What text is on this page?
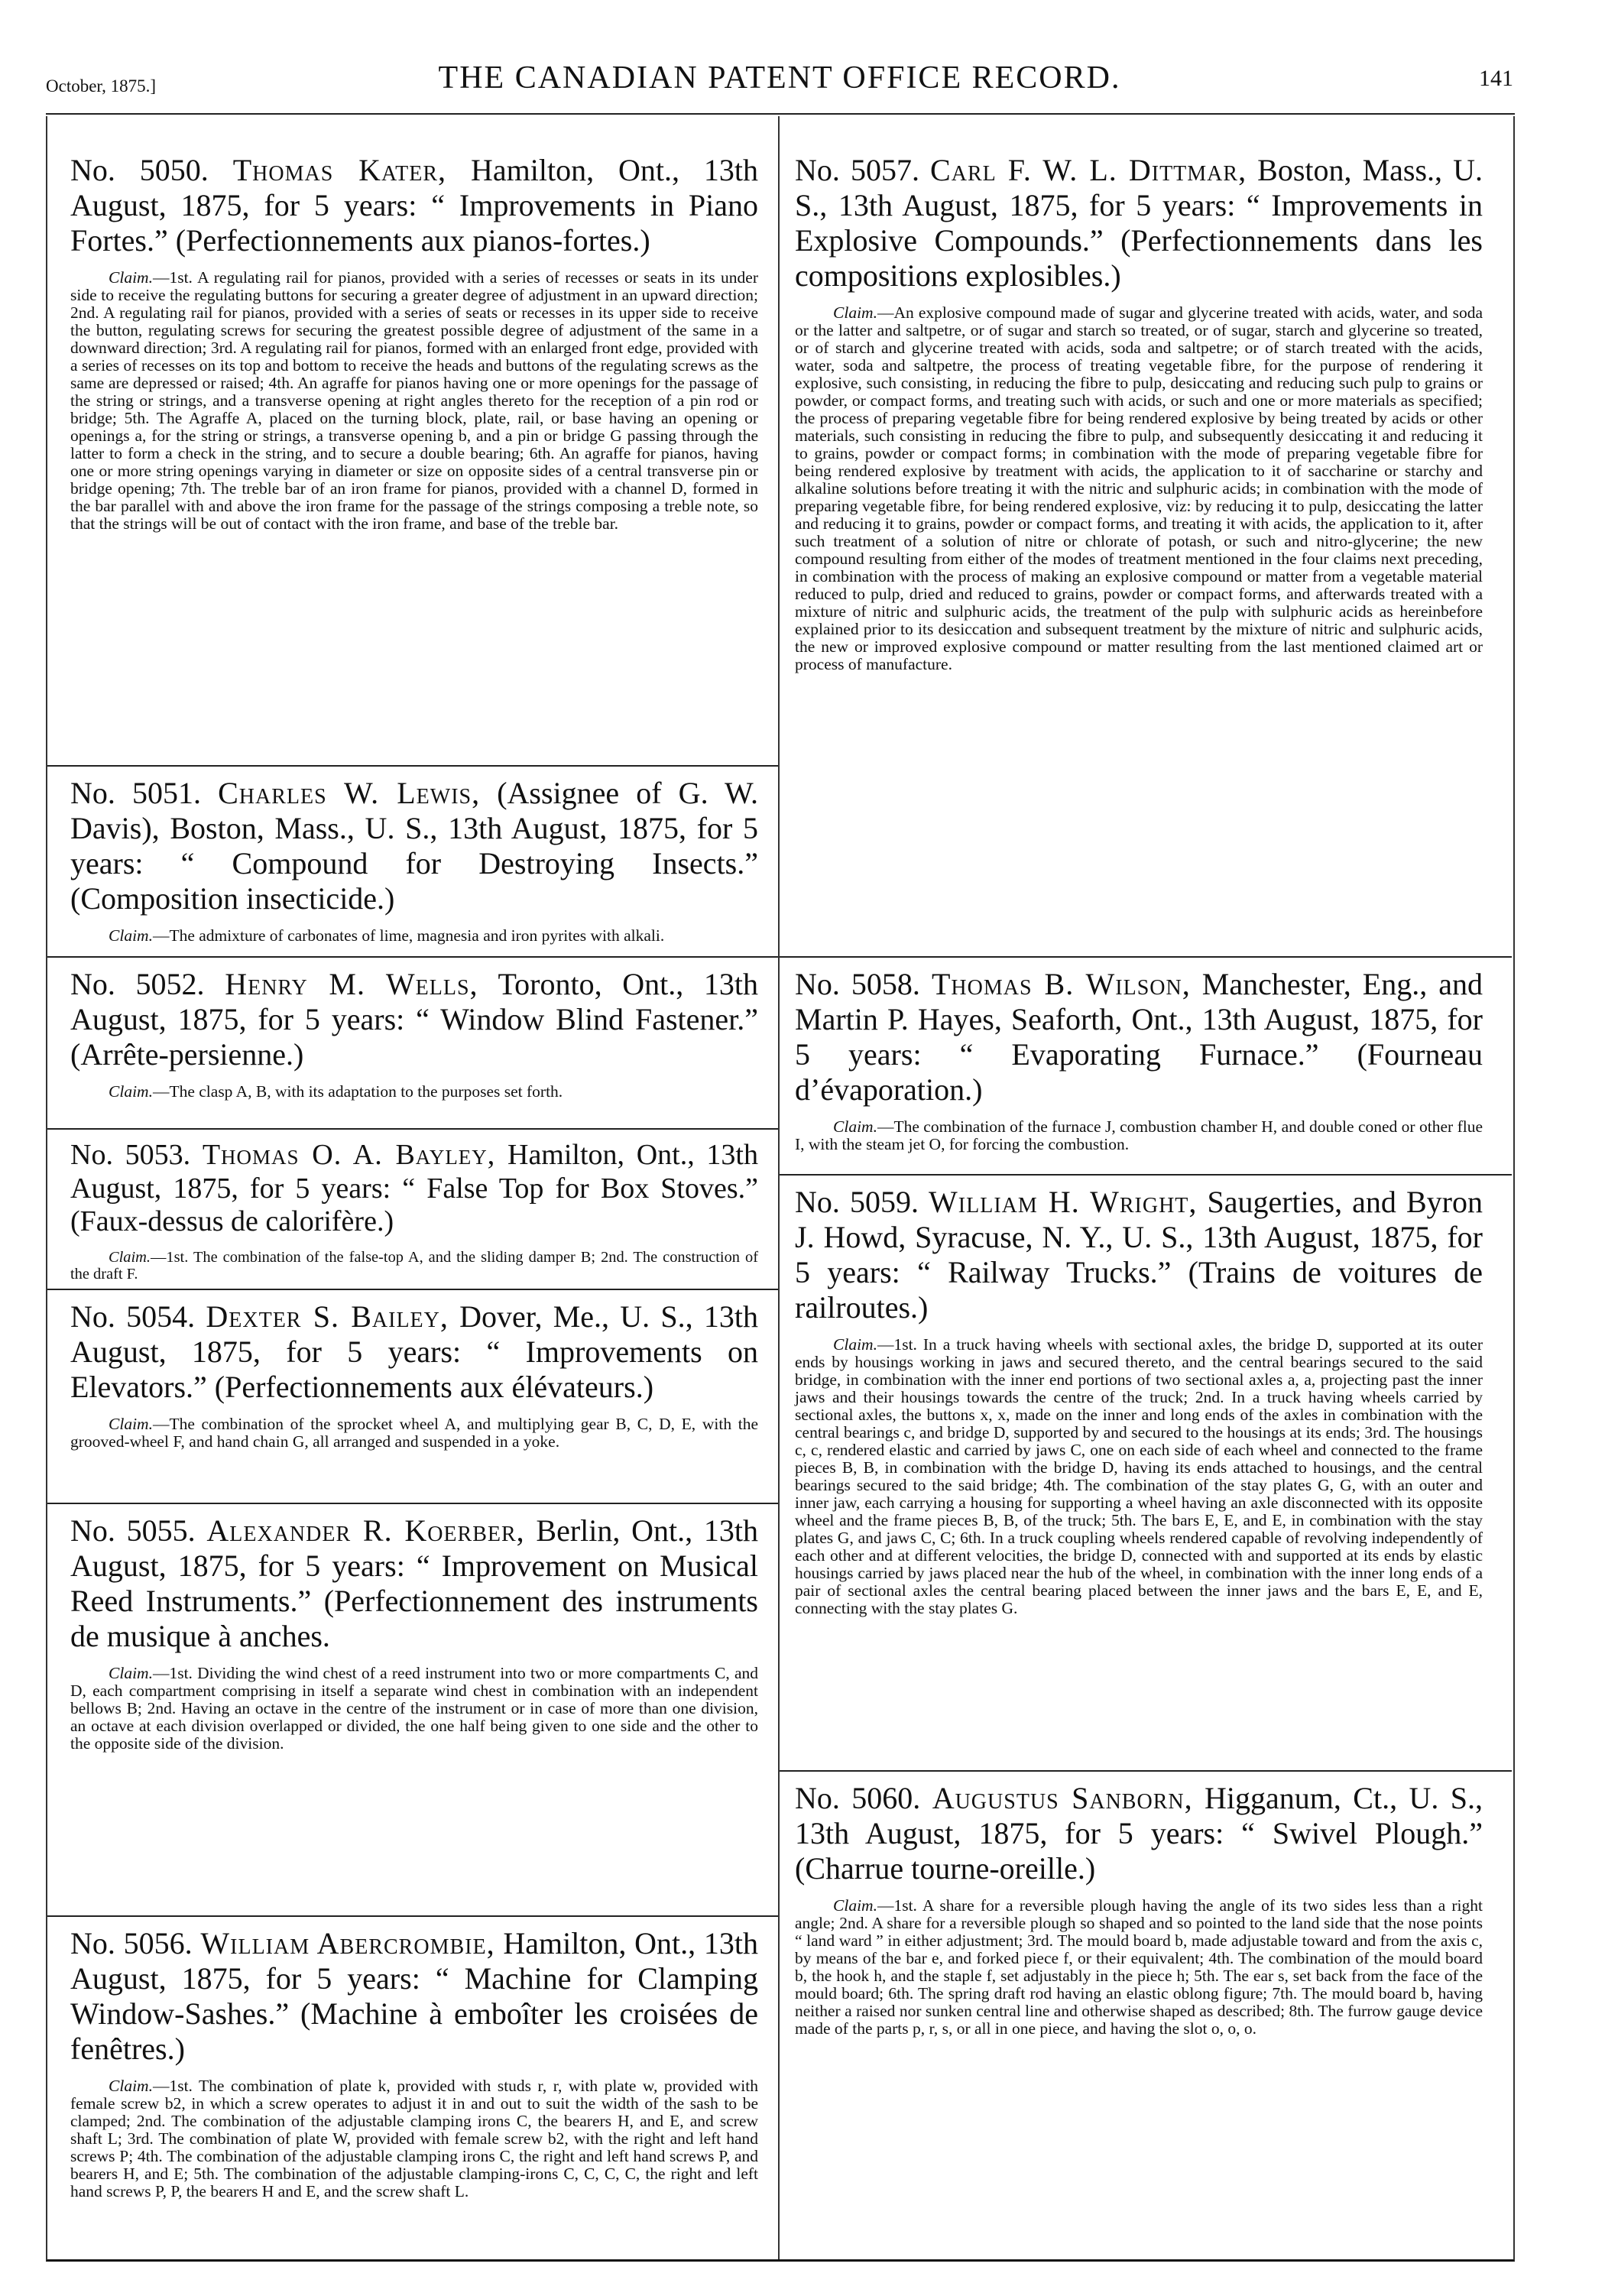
October, 1875.]	THE CANADIAN PATENT OFFICE RECORD.	141

No. 5050. Thomas Kater, Hamilton, Ont., 13th August, 1875, for 5 years: “ Improvements in Piano Fortes.” (Perfectionnements aux pianos-fortes.)

Claim.—1st. A regulating rail for pianos, provided with a series of recesses or seats in its under side to receive the regulating buttons for securing a greater degree of adjustment in an upward direction; 2nd. A regulating rail for pianos, provided with a series of seats or recesses in its upper side to receive the button, regulating screws for securing the greatest possible degree of adjustment of the same in a downward direction; 3rd. A regulating rail for pianos, formed with an enlarged front edge, provided with a series of recesses on its top and bottom to receive the heads and buttons of the regulating screws as the same are depressed or raised; 4th. An agraffe for pianos having one or more openings for the passage of the string or strings, and a transverse opening at right angles thereto for the reception of a pin rod or bridge; 5th. The Agraffe A, placed on the turning block, plate, rail, or base having an opening or openings a, for the string or strings, a transverse opening b, and a pin or bridge G passing through the latter to form a check in the string, and to secure a double bearing; 6th. An agraffe for pianos, having one or more string openings varying in diameter or size on opposite sides of a central transverse pin or bridge opening; 7th. The treble bar of an iron frame for pianos, provided with a channel D, formed in the bar parallel with and above the iron frame for the passage of the strings composing a treble note, so that the strings will be out of contact with the iron frame, and base of the treble bar.

No. 5051. Charles W. Lewis, (Assignee of G. W. Davis), Boston, Mass., U. S., 13th August, 1875, for 5 years: “ Compound for Destroying Insects.” (Composition insecticide.)

Claim.—The admixture of carbonates of lime, magnesia and iron pyrites with alkali.

No. 5052. Henry M. Wells, Toronto, Ont., 13th August, 1875, for 5 years: “ Window Blind Fastener.” (Arrête-persienne.)

Claim.—The clasp A, B, with its adaptation to the purposes set forth.

No. 5053. Thomas O. A. Bayley, Hamilton, Ont., 13th August, 1875, for 5 years: “ False Top for Box Stoves.” (Faux-dessus de calorifère.)

Claim.—1st. The combination of the false-top A, and the sliding damper B; 2nd. The construction of the draft F.

No. 5054. Dexter S. Bailey, Dover, Me., U. S., 13th August, 1875, for 5 years: “ Improvements on Elevators.” (Perfectionnements aux élévateurs.)

Claim.—The combination of the sprocket wheel A, and multiplying gear B, C, D, E, with the grooved-wheel F, and hand chain G, all arranged and suspended in a yoke.

No. 5055. Alexander R. Koerber, Berlin, Ont., 13th August, 1875, for 5 years: “ Improvement on Musical Reed Instruments.” (Perfectionnement des instruments de musique à anches.

Claim.—1st. Dividing the wind chest of a reed instrument into two or more compartments C, and D, each compartment comprising in itself a separate wind chest in combination with an independent bellows B; 2nd. Having an octave in the centre of the instrument or in case of more than one division, an octave at each division overlapped or divided, the one half being given to one side and the other to the opposite side of the division.

No. 5056. William Abercrombie, Hamilton, Ont., 13th August, 1875, for 5 years: “ Machine for Clamping Window-Sashes.” (Machine à emboîter les croisées de fenêtres.)

Claim.—1st. The combination of plate k, provided with studs r, r, with plate w, provided with female screw b2, in which a screw operates to adjust it in and out to suit the width of the sash to be clamped; 2nd. The combination of the adjustable clamping irons C, the bearers H, and E, and screw shaft L; 3rd. The combination of plate W, provided with female screw b2, with the right and left hand screws P; 4th. The combination of the adjustable clamping irons C, the right and left hand screws P, and bearers H, and E; 5th. The combination of the adjustable clamping-irons C, C, C, C, the right and left hand screws P, P, the bearers H and E, and the screw shaft L.

No. 5057. Carl F. W. L. Dittmar, Boston, Mass., U. S., 13th August, 1875, for 5 years: “ Improvements in Explosive Compounds.” (Perfectionnements dans les compositions explosibles.)

Claim.—An explosive compound made of sugar and glycerine treated with acids, water, and soda or the latter and saltpetre, or of sugar and starch so treated, or of sugar, starch and glycerine so treated, or of starch and glycerine treated with acids, soda and saltpetre; or of starch treated with the acids, water, soda and saltpetre, the process of treating vegetable fibre, for the purpose of rendering it explosive, such consisting, in reducing the fibre to pulp, desiccating and reducing such pulp to grains or powder, or compact forms, and treating such with acids, or such and one or more materials as specified; the process of preparing vegetable fibre for being rendered explosive by being treated by acids or other materials, such consisting in reducing the fibre to pulp, and subsequently desiccating it and reducing it to grains, powder or compact forms; in combination with the mode of preparing vegetable fibre for being rendered explosive by treatment with acids, the application to it of saccharine or starchy and alkaline solutions before treating it with the nitric and sulphuric acids; in combination with the mode of preparing vegetable fibre, for being rendered explosive, viz: by reducing it to pulp, desiccating the latter and reducing it to grains, powder or compact forms, and treating it with acids, the application to it, after such treatment of a solution of nitre or chlorate of potash, or such and nitro-glycerine; the new compound resulting from either of the modes of treatment mentioned in the four claims next preceding, in combination with the process of making an explosive compound or matter from a vegetable material reduced to pulp, dried and reduced to grains, powder or compact forms, and afterwards treated with a mixture of nitric and sulphuric acids, the treatment of the pulp with sulphuric acids as hereinbefore explained prior to its desiccation and subsequent treatment by the mixture of nitric and sulphuric acids, the new or improved explosive compound or matter resulting from the last mentioned claimed art or process of manufacture.

No. 5058. Thomas B. Wilson, Manchester, Eng., and Martin P. Hayes, Seaforth, Ont., 13th August, 1875, for 5 years: “ Evaporating Furnace.” (Fourneau d’évaporation.)

Claim.—The combination of the furnace J, combustion chamber H, and double coned or other flue I, with the steam jet O, for forcing the combustion.

No. 5059. William H. Wright, Saugerties, and Byron J. Howd, Syracuse, N. Y., U. S., 13th August, 1875, for 5 years: “ Railway Trucks.” (Trains de voitures de railroutes.)

Claim.—1st. In a truck having wheels with sectional axles, the bridge D, supported at its outer ends by housings working in jaws and secured thereto, and the central bearings secured to the said bridge, in combination with the inner end portions of two sectional axles a, a, projecting past the inner jaws and their housings towards the centre of the truck; 2nd. In a truck having wheels carried by sectional axles, the buttons x, x, made on the inner and long ends of the axles in combination with the central bearings c, and bridge D, supported by and secured to the housings at its ends; 3rd. The housings c, c, rendered elastic and carried by jaws C, one on each side of each wheel and connected to the frame pieces B, B, in combination with the bridge D, having its ends attached to housings, and the central bearings secured to the said bridge; 4th. The combination of the stay plates G, G, with an outer and inner jaw, each carrying a housing for supporting a wheel having an axle disconnected with its opposite wheel and the frame pieces B, B, of the truck; 5th. The bars E, E, and E, in combination with the stay plates G, and jaws C, C; 6th. In a truck coupling wheels rendered capable of revolving independently of each other and at different velocities, the bridge D, connected with and supported at its ends by elastic housings carried by jaws placed near the hub of the wheel, in combination with the inner long ends of a pair of sectional axles the central bearing placed between the inner jaws and the bars E, E, and E, connecting with the stay plates G.

No. 5060. Augustus Sanborn, Higganum, Ct., U. S., 13th August, 1875, for 5 years: “ Swivel Plough.” (Charrue tourne-oreille.)

Claim.—1st. A share for a reversible plough having the angle of its two sides less than a right angle; 2nd. A share for a reversible plough so shaped and so pointed to the land side that the nose points “ land ward ” in either adjustment; 3rd. The mould board b, made adjustable toward and from the axis c, by means of the bar e, and forked piece f, or their equivalent; 4th. The combination of the mould board b, the hook h, and the staple f, set adjustably in the piece h; 5th. The ear s, set back from the face of the mould board; 6th. The spring draft rod having an elastic oblong figure; 7th. The mould board b, having neither a raised nor sunken central line and otherwise shaped as described; 8th. The furrow gauge device made of the parts p, r, s, or all in one piece, and having the slot o, o, o.
